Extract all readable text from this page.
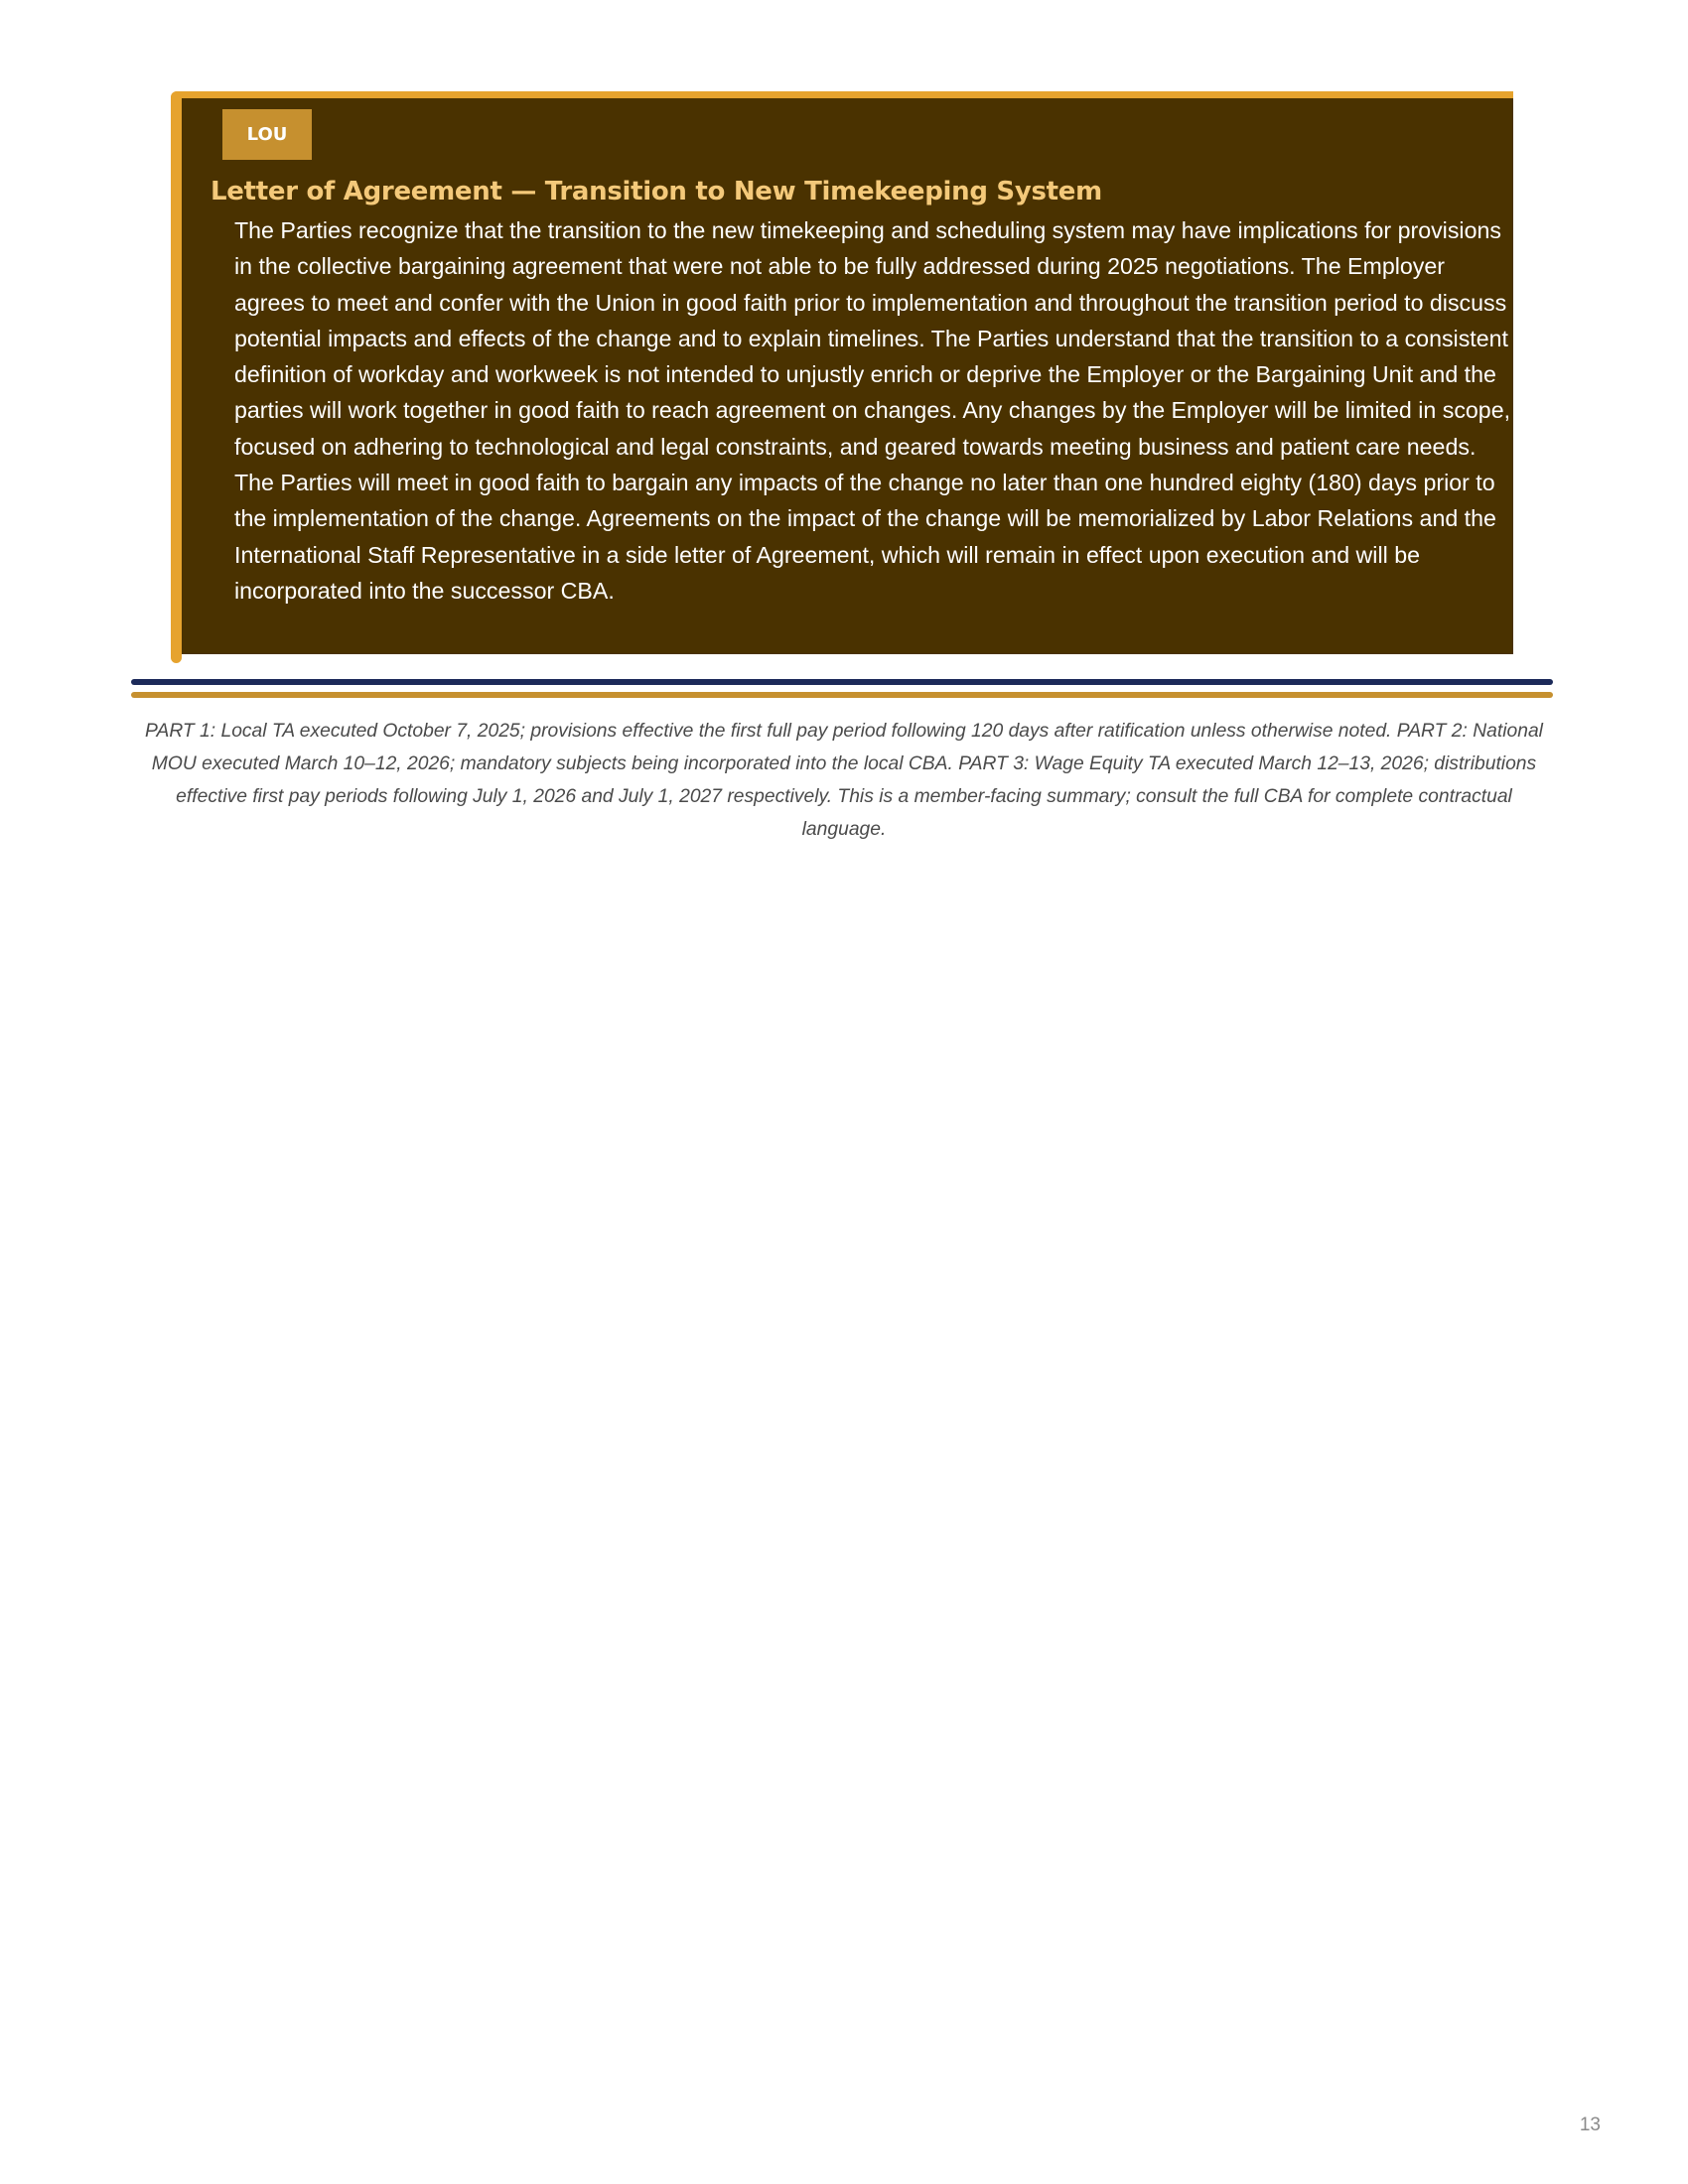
LOU
Letter of Agreement — Transition to New Timekeeping System

The Parties recognize that the transition to the new timekeeping and scheduling system may have implications for provisions in the collective bargaining agreement that were not able to be fully addressed during 2025 negotiations. The Employer agrees to meet and confer with the Union in good faith prior to implementation and throughout the transition period to discuss potential impacts and effects of the change and to explain timelines. The Parties understand that the transition to a consistent definition of workday and workweek is not intended to unjustly enrich or deprive the Employer or the Bargaining Unit and the parties will work together in good faith to reach agreement on changes. Any changes by the Employer will be limited in scope, focused on adhering to technological and legal constraints, and geared towards meeting business and patient care needs. The Parties will meet in good faith to bargain any impacts of the change no later than one hundred eighty (180) days prior to the implementation of the change. Agreements on the impact of the change will be memorialized by Labor Relations and the International Staff Representative in a side letter of Agreement, which will remain in effect upon execution and will be incorporated into the successor CBA.

PART 1: Local TA executed October 7, 2025; provisions effective the first full pay period following 120 days after ratification unless otherwise noted. PART 2: National MOU executed March 10–12, 2026; mandatory subjects being incorporated into the local CBA. PART 3: Wage Equity TA executed March 12–13, 2026; distributions effective first pay periods following July 1, 2026 and July 1, 2027 respectively. This is a member-facing summary; consult the full CBA for complete contractual language.

13
